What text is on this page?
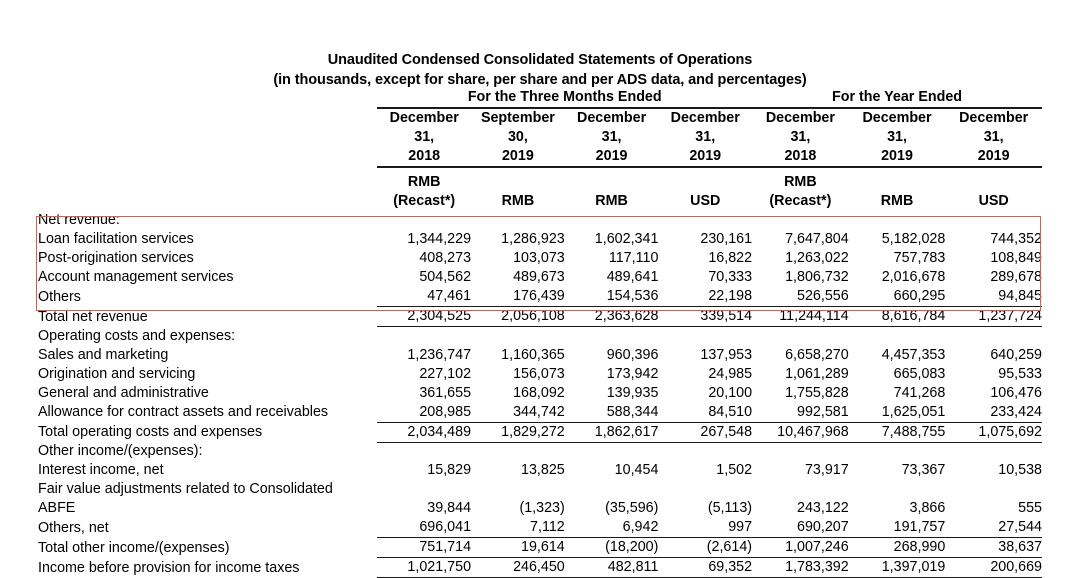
Unaudited Condensed Consolidated Statements of Operations
(in thousands, except for share, per share and per ADS data, and percentages)
	For the Three Months Ended				For the Year Ended		
	December	September	December	December	December	December	December
	31,	30,	31,	31,	31,	31,	31,
	2018	2019	2019	2019	2018	2019	2019

	RMB				RMB		
	(Recast*)	RMB	RMB	USD	(Recast*)	RMB	USD
Net revenue:							
Loan facilitation services	1,344,229	1,286,923	1,602,341	230,161	7,647,804	5,182,028	744,352
Post-origination services	408,273	103,073	117,110	16,822	1,263,022	757,783	108,849
Account management services	504,562	489,673	489,641	70,333	1,806,732	2,016,678	289,678
Others	47,461	176,439	154,536	22,198	526,556	660,295	94,845
Total net revenue	2,304,525	2,056,108	2,363,628	339,514	11,244,114	8,616,784	1,237,724
Operating costs and expenses:							
Sales and marketing	1,236,747	1,160,365	960,396	137,953	6,658,270	4,457,353	640,259
Origination and servicing	227,102	156,073	173,942	24,985	1,061,289	665,083	95,533
General and administrative	361,655	168,092	139,935	20,100	1,755,828	741,268	106,476
Allowance for contract assets and receivables	208,985	344,742	588,344	84,510	992,581	1,625,051	233,424
Total operating costs and expenses	2,034,489	1,829,272	1,862,617	267,548	10,467,968	7,488,755	1,075,692
Other income/(expenses):							
Interest income, net	15,829	13,825	10,454	1,502	73,917	73,367	10,538
Fair value adjustments related to Consolidated							
ABFE	39,844	(1,323)	(35,596)	(5,113)	243,122	3,866	555
Others, net	696,041	7,112	6,942	997	690,207	191,757	27,544
Total other income/(expenses)	751,714	19,614	(18,200)	(2,614)	1,007,246	268,990	38,637
Income before provision for income taxes	1,021,750	246,450	482,811	69,352	1,783,392	1,397,019	200,669
